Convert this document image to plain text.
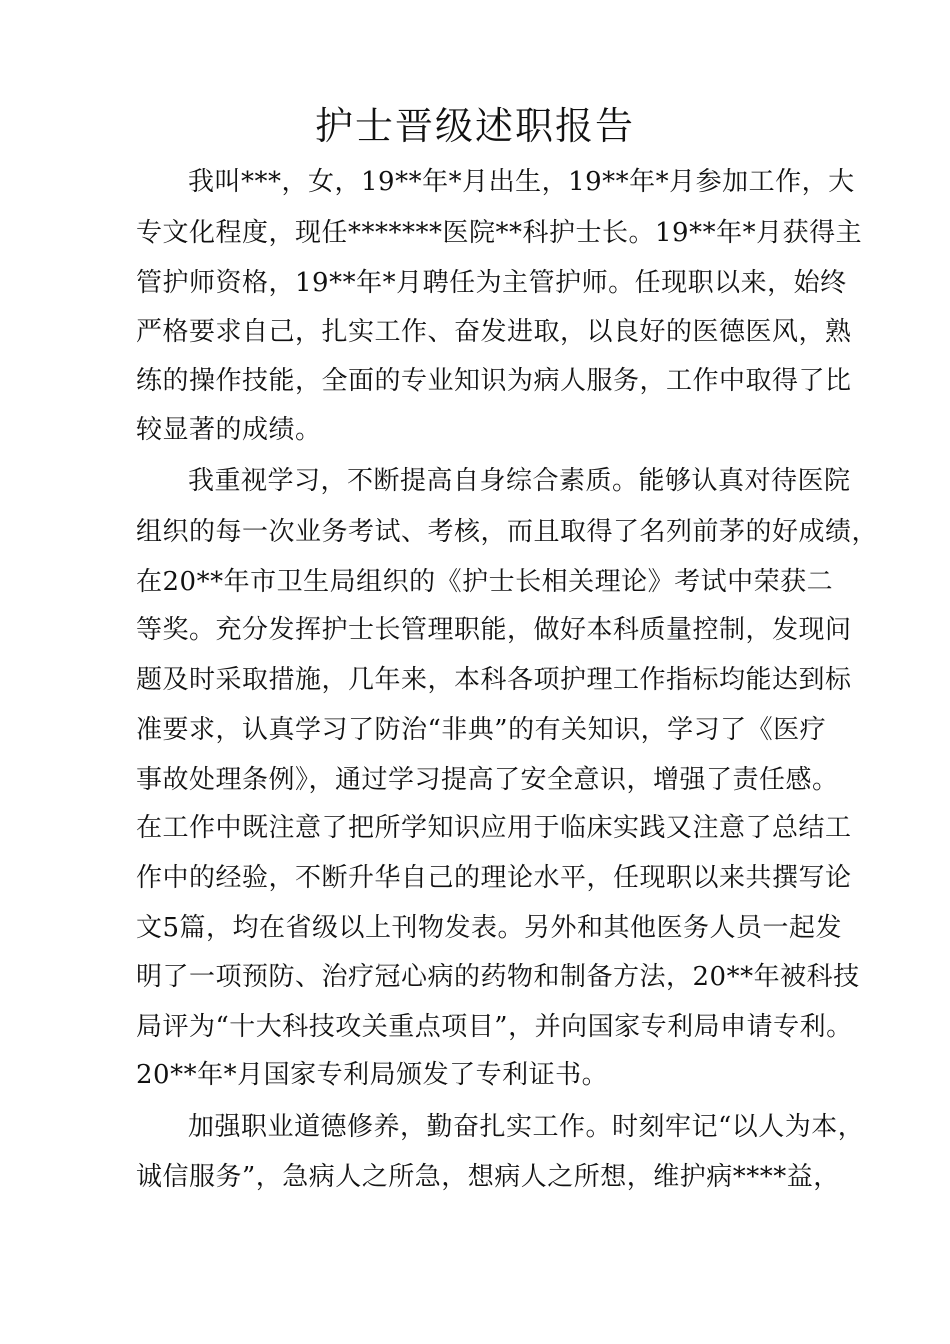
护士晋级述职报告

我叫***，女，19**年*月出生，19**年*月参加工作，大

专文化程度，现任*******医院**科护士长。19**年*月获得主

管护师资格，19**年*月聘任为主管护师。任现职以来，始终

严格要求自己，扎实工作、奋发进取，以良好的医德医风，熟

练的操作技能，全面的专业知识为病人服务，工作中取得了比

较显著的成绩。

我重视学习，不断提高自身综合素质。能够认真对待医院

组织的每一次业务考试、考核，而且取得了名列前茅的好成绩，

在20**年市卫生局组织的《护士长相关理论》考试中荣获二

等奖。充分发挥护士长管理职能，做好本科质量控制，发现问

题及时采取措施，几年来，本科各项护理工作指标均能达到标

准要求，认真学习了防治“非典”的有关知识，学习了《医疗

事故处理条例》，通过学习提高了安全意识，增强了责任感。

在工作中既注意了把所学知识应用于临床实践又注意了总结工

作中的经验，不断升华自己的理论水平，任现职以来共撰写论

文5篇，均在省级以上刊物发表。另外和其他医务人员一起发

明了一项预防、治疗冠心病的药物和制备方法，20**年被科技

局评为“十大科技攻关重点项目”，并向国家专利局申请专利。

20**年*月国家专利局颁发了专利证书。

加强职业道德修养，勤奋扎实工作。时刻牢记“以人为本，

诚信服务”，急病人之所急，想病人之所想，维护病****益，
